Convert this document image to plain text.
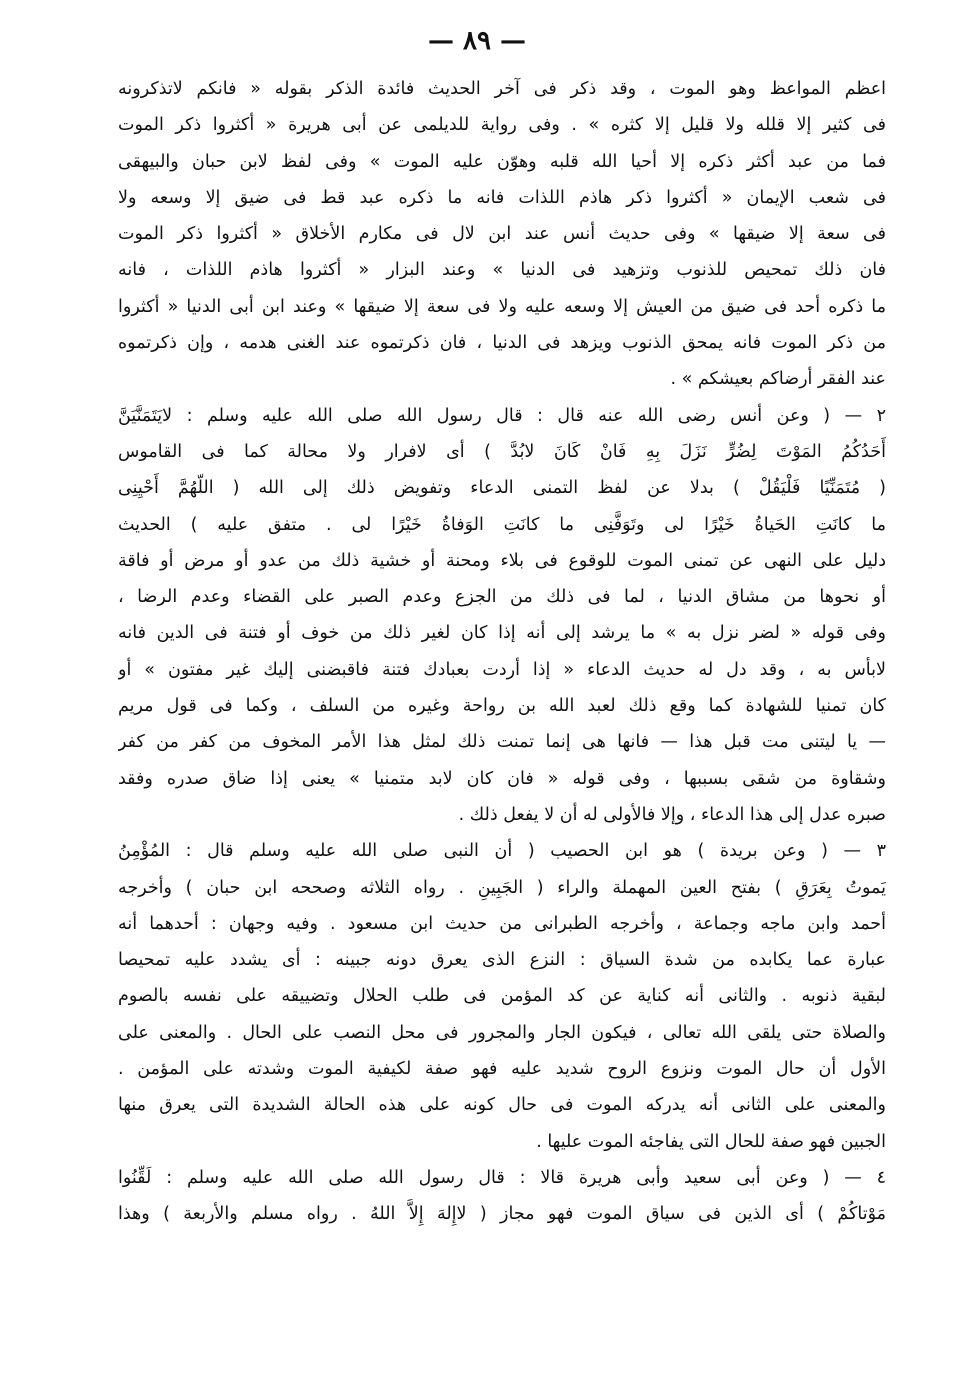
— ٨٩ —
اعظم المواعظ وهو الموت ، وقد ذكر فى آخر الحديث فائدة الذكر بقوله « فانكم لاتذكرونه
فى كثير إلا قلله ولا قليل إلا كثره » . وفى رواية للديلمى عن أبى هريرة « أكثروا ذكر الموت
فما من عبد أكثر ذكره إلا أحيا الله قلبه وهوّن عليه الموت » وفى لفظ لابن حبان والبيهقى
فى شعب الإيمان « أكثروا ذكر هاذم اللذات فانه ما ذكره عبد قط فى ضيق إلا وسعه ولا
فى سعة إلا ضيقها » وفى حديث أنس عند ابن لال فى مكارم الأخلاق « أكثروا ذكر الموت
فان ذلك تمحيص للذنوب وتزهيد فى الدنيا » وعند البزار « أكثروا هاذم اللذات ، فانه
ما ذكره أحد فى ضيق من العيش إلا وسعه عليه ولا فى سعة إلا ضيقها » وعند ابن أبى الدنيا « أكثروا
من ذكر الموت فانه يمحق الذنوب ويزهد فى الدنيا ، فان ذكرتموه عند الغنى هدمه ، وإن ذكرتموه
عند الفقر أرضاكم بعيشكم » .
٢ — ( وعن أنس رضى الله عنه قال : قال رسول الله صلى الله عليه وسلم : لايَتَمَنَّيَنَّ
أَحَدُكُمُ المَوْتَ لِضُرٍّ نَزَلَ بِهِ فَانْ كَانَ لابُدَّ ) أى لافرار ولا محالة كما فى القاموس
( مُتَمَنِّيًا فَلْيَقُلْ ) بدلا عن لفظ التمنى الدعاء وتفويض ذلك إلى الله ( اللّهُمَّ أَحْيِنِى
ما كانَتِ الحَياةُ خَيْرًا لى وتَوَفَّنِى ما كانَتِ الوَفاةُ خَيْرًا لى . متفق عليه ) الحديث
دليل على النهى عن تمنى الموت للوقوع فى بلاء ومحنة أو خشية ذلك من عدو أو مرض أو فاقة
أو نحوها من مشاق الدنيا ، لما فى ذلك من الجزع وعدم الصبر على القضاء وعدم الرضا ،
وفى قوله « لضر نزل به » ما يرشد إلى أنه إذا كان لغير ذلك من خوف أو فتنة فى الدين فانه
لابأس به ، وقد دل له حديث الدعاء « إذا أردت بعبادك فتنة فاقبضنى إليك غير مفتون » أو
كان تمنيا للشهادة كما وقع ذلك لعبد الله بن رواحة وغيره من السلف ، وكما فى قول مريم
— يا ليتنى مت قبل هذا — فانها هى إنما تمنت ذلك لمثل هذا الأمر المخوف من كفر من كفر
وشقاوة من شقى بسببها ، وفى قوله « فان كان لابد متمنيا » يعنى إذا ضاق صدره وفقد
صبره عدل إلى هذا الدعاء ، وإلا فالأولى له أن لا يفعل ذلك .
٣ — ( وعن بريدة ) هو ابن الحصيب ( أن النبى صلى الله عليه وسلم قال : المُؤْمِنُ
يَموتُ بِعَرَقِ ) بفتح العين المهملة والراء ( الجَبِينِ . رواه الثلاثه وصححه ابن حبان ) وأخرجه
أحمد وابن ماجه وجماعة ، وأخرجه الطبرانى من حديث ابن مسعود . وفيه وجهان : أحدهما أنه
عبارة عما يكابده من شدة السياق : النزع الذى يعرق دونه جبينه : أى يشدد عليه تمحيصا
لبقية ذنوبه . والثانى أنه كناية عن كد المؤمن فى طلب الحلال وتضييقه على نفسه بالصوم
والصلاة حتى يلقى الله تعالى ، فيكون الجار والمجرور فى محل النصب على الحال . والمعنى على
الأول أن حال الموت ونزوع الروح شديد عليه فهو صفة لكيفية الموت وشدته على المؤمن .
والمعنى على الثانى أنه يدركه الموت فى حال كونه على هذه الحالة الشديدة التى يعرق منها
الجبين فهو صفة للحال التى يفاجئه الموت عليها .
٤ — ( وعن أبى سعيد وأبى هريرة قالا : قال رسول الله صلى الله عليه وسلم : لَقِّنُوا
مَوْتاكُمْ ) أى الذين فى سياق الموت فهو مجاز ( لاإِلهَ إِلاَّ اللهُ . رواه مسلم والأربعة ) وهذا
